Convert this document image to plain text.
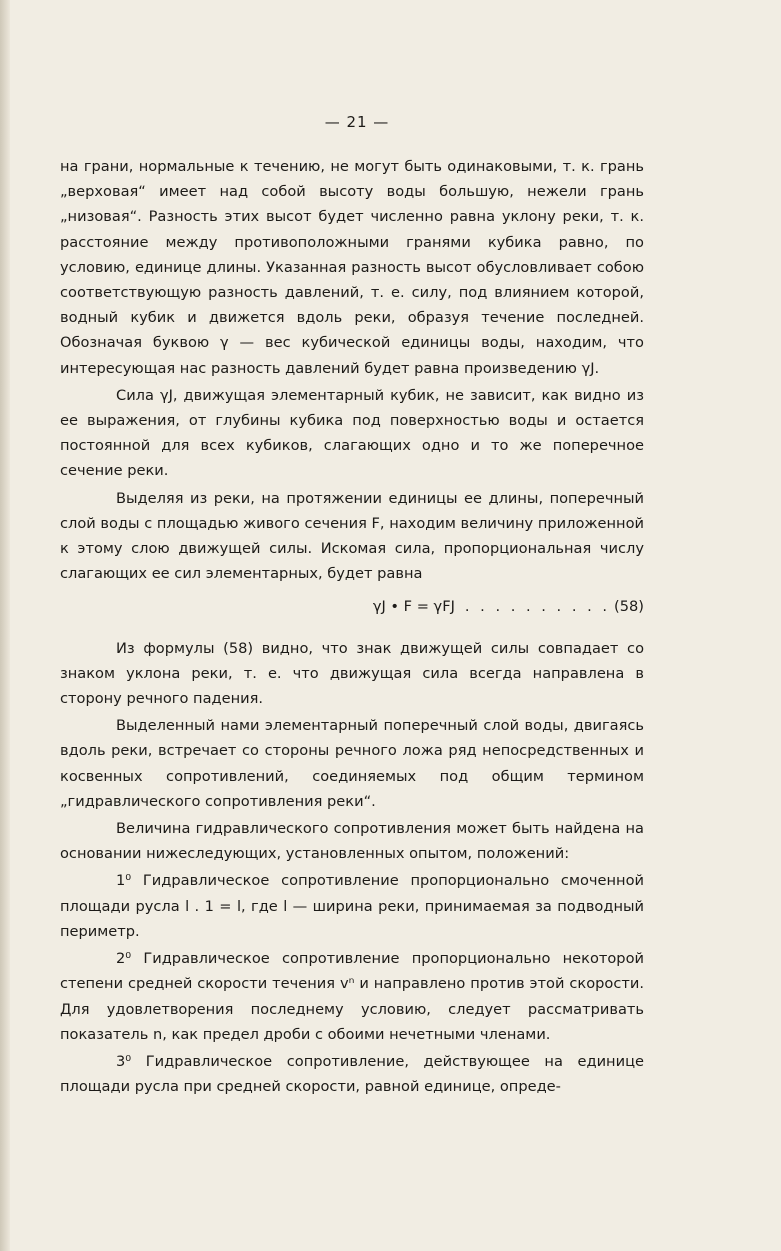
— 21 —

на грани, нормальные к течению, не могут быть одинаковыми, т. к. грань „верховая“ имеет над собой высоту воды большую, нежели грань „низовая“. Разность этих высот будет численно равна уклону реки, т. к. расстояние между противоположными гранями кубика равно, по условию, единице длины. Указанная разность высот обусловливает собою соответствующую разность давлений, т. е. силу, под влиянием которой, водный кубик и движется вдоль реки, образуя течение последней. Обозначая буквою γ — вес кубической единицы воды, находим, что интересующая нас разность давлений будет равна произведению γJ.

Сила γJ, движущая элементарный кубик, не зависит, как видно из ее выражения, от глубины кубика под поверхностью воды и остается постоянной для всех кубиков, слагающих одно и то же поперечное сечение реки.

Выделяя из реки, на протяжении единицы ее длины, поперечный слой воды с площадью живого сечения F, находим величину приложенной к этому слою движущей силы. Искомая сила, пропорциональная числу слагающих ее сил элементарных, будет равна

γJ • F = γFJ . . . . . . . . . . (58)

Из формулы (58) видно, что знак движущей силы совпадает со знаком уклона реки, т. е. что движущая сила всегда направлена в сторону речного падения.

Выделенный нами элементарный поперечный слой воды, двигаясь вдоль реки, встречает со стороны речного ложа ряд непосредственных и косвенных сопротивлений, соединяемых под общим термином „гидравлического сопротивления реки“.

Величина гидравлического сопротивления может быть найдена на основании нижеследующих, установленных опытом, положений:

1⁰ Гидравлическое сопротивление пропорционально смоченной площади русла l . 1 = l, где l — ширина реки, принимаемая за подводный периметр.

2⁰ Гидравлическое сопротивление пропорционально некоторой степени средней скорости течения vⁿ и направлено против этой скорости. Для удовлетворения последнему условию, следует рассматривать показатель n, как предел дроби с обоими нечетными членами.

3⁰ Гидравлическое сопротивление, действующее на единице площади русла при средней скорости, равной единице, опреде-
